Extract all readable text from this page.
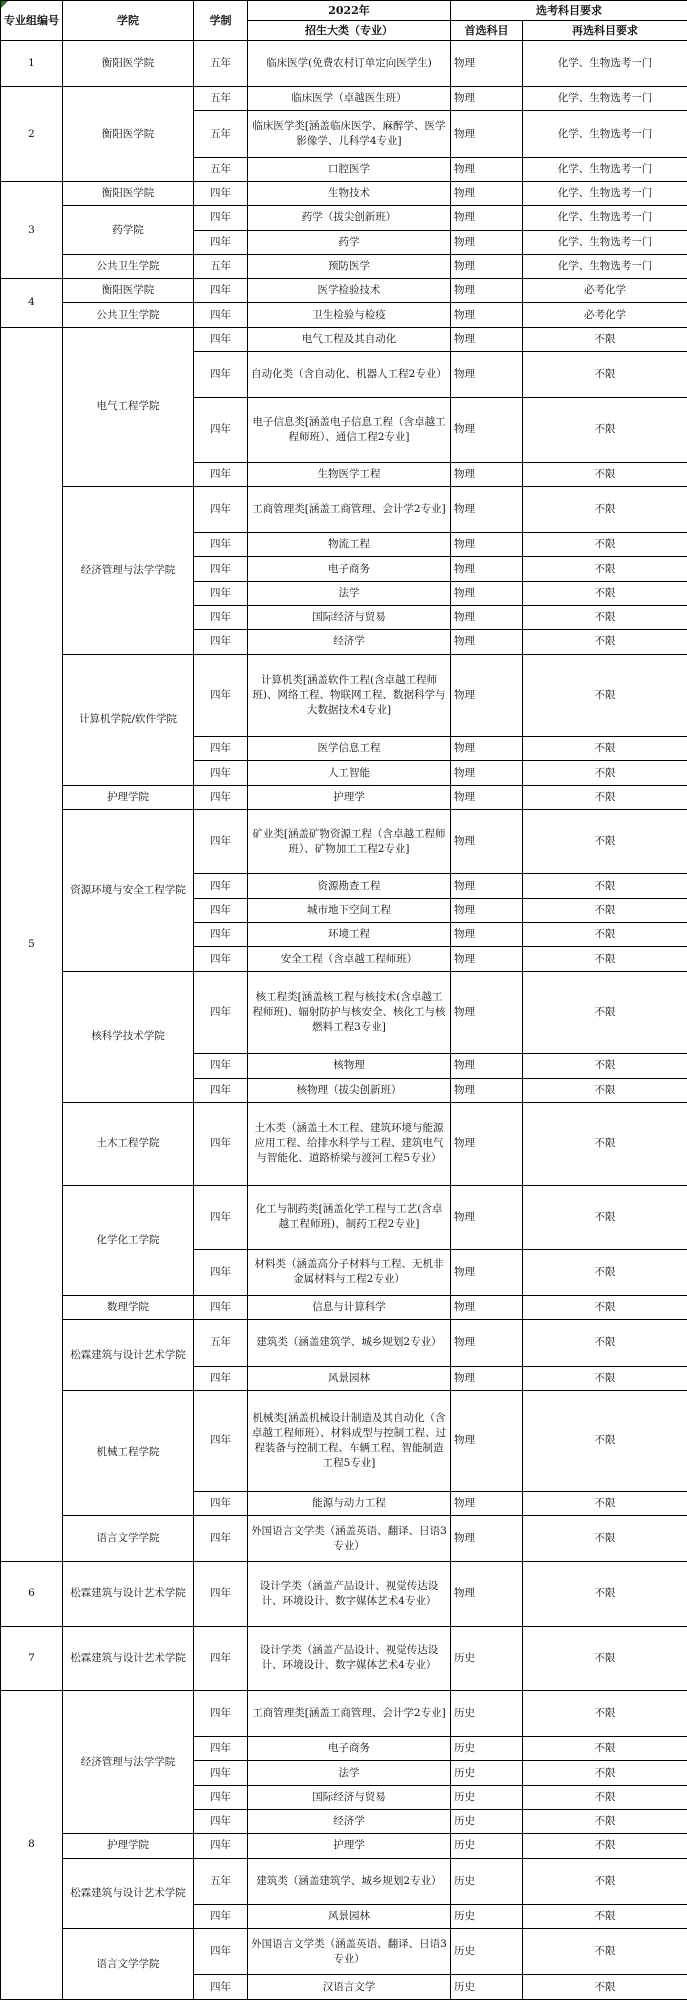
专业组编号	学院	学制	2022年	选考科目要求	
			招生大类（专业）	首选科目	再选科目要求
1	衡阳医学院	五年	临床医学(免费农村订单定向医学生)	物理	化学、生物选考一门
2	衡阳医学院	五年	临床医学（卓越医生班）	物理	化学、生物选考一门
		五年	临床医学类[涵盖临床医学、麻醉学、医学影像学、儿科学4专业]	物理	化学、生物选考一门
		五年	口腔医学	物理	化学、生物选考一门
3	衡阳医学院	四年	生物技术	物理	化学、生物选考一门
	药学院	四年	药学（拔尖创新班）	物理	化学、生物选考一门
		四年	药学	物理	化学、生物选考一门
	公共卫生学院	五年	预防医学	物理	化学、生物选考一门
4	衡阳医学院	四年	医学检验技术	物理	必考化学
	公共卫生学院	四年	卫生检验与检疫	物理	必考化学
5	电气工程学院	四年	电气工程及其自动化	物理	不限
		四年	自动化类（含自动化、机器人工程2专业）	物理	不限
		四年	电子信息类[涵盖电子信息工程（含卓越工程师班）、通信工程2专业]	物理	不限
		四年	生物医学工程	物理	不限
	经济管理与法学学院	四年	工商管理类[涵盖工商管理、会计学2专业]	物理	不限
		四年	物流工程	物理	不限
		四年	电子商务	物理	不限
		四年	法学	物理	不限
		四年	国际经济与贸易	物理	不限
		四年	经济学	物理	不限
	计算机学院/软件学院	四年	计算机类[涵盖软件工程(含卓越工程师班)、网络工程、物联网工程、数据科学与大数据技术4专业]	物理	不限
		四年	医学信息工程	物理	不限
		四年	人工智能	物理	不限
	护理学院	四年	护理学	物理	不限
	资源环境与安全工程学院	四年	矿业类[涵盖矿物资源工程（含卓越工程师班）、矿物加工工程2专业]	物理	不限
		四年	资源勘查工程	物理	不限
		四年	城市地下空间工程	物理	不限
		四年	环境工程	物理	不限
		四年	安全工程（含卓越工程师班）	物理	不限
	核科学技术学院	四年	核工程类[涵盖核工程与核技术(含卓越工程师班)、辐射防护与核安全、核化工与核燃料工程3专业]	物理	不限
		四年	核物理	物理	不限
		四年	核物理（拔尖创新班）	物理	不限
	土木工程学院	四年	土木类（涵盖土木工程、建筑环境与能源应用工程、给排水科学与工程、建筑电气与智能化、道路桥梁与渡河工程5专业）	物理	不限
	化学化工学院	四年	化工与制药类[涵盖化学工程与工艺(含卓越工程师班)、制药工程2专业]	物理	不限
		四年	材料类（涵盖高分子材料与工程、无机非金属材料与工程2专业）	物理	不限
	数理学院	四年	信息与计算科学	物理	不限
	松霖建筑与设计艺术学院	五年	建筑类（涵盖建筑学、城乡规划2专业）	物理	不限
		四年	风景园林	物理	不限
	机械工程学院	四年	机械类[涵盖机械设计制造及其自动化（含卓越工程师班）、材料成型与控制工程、过程装备与控制工程、车辆工程、智能制造工程5专业]	物理	不限
		四年	能源与动力工程	物理	不限
	语言文学学院	四年	外国语言文学类（涵盖英语、翻译、日语3专业）	物理	不限
6	松霖建筑与设计艺术学院	四年	设计学类（涵盖产品设计、视觉传达设计、环境设计、数字媒体艺术4专业）	物理	不限
7	松霖建筑与设计艺术学院	四年	设计学类（涵盖产品设计、视觉传达设计、环境设计、数字媒体艺术4专业）	历史	不限
8	经济管理与法学学院	四年	工商管理类[涵盖工商管理、会计学2专业]	历史	不限
		四年	电子商务	历史	不限
		四年	法学	历史	不限
		四年	国际经济与贸易	历史	不限
		四年	经济学	历史	不限
	护理学院	四年	护理学	历史	不限
	松霖建筑与设计艺术学院	五年	建筑类（涵盖建筑学、城乡规划2专业）	历史	不限
		四年	风景园林	历史	不限
	语言文学学院	四年	外国语言文学类（涵盖英语、翻译、日语3专业）	历史	不限
		四年	汉语言文学	历史	不限
